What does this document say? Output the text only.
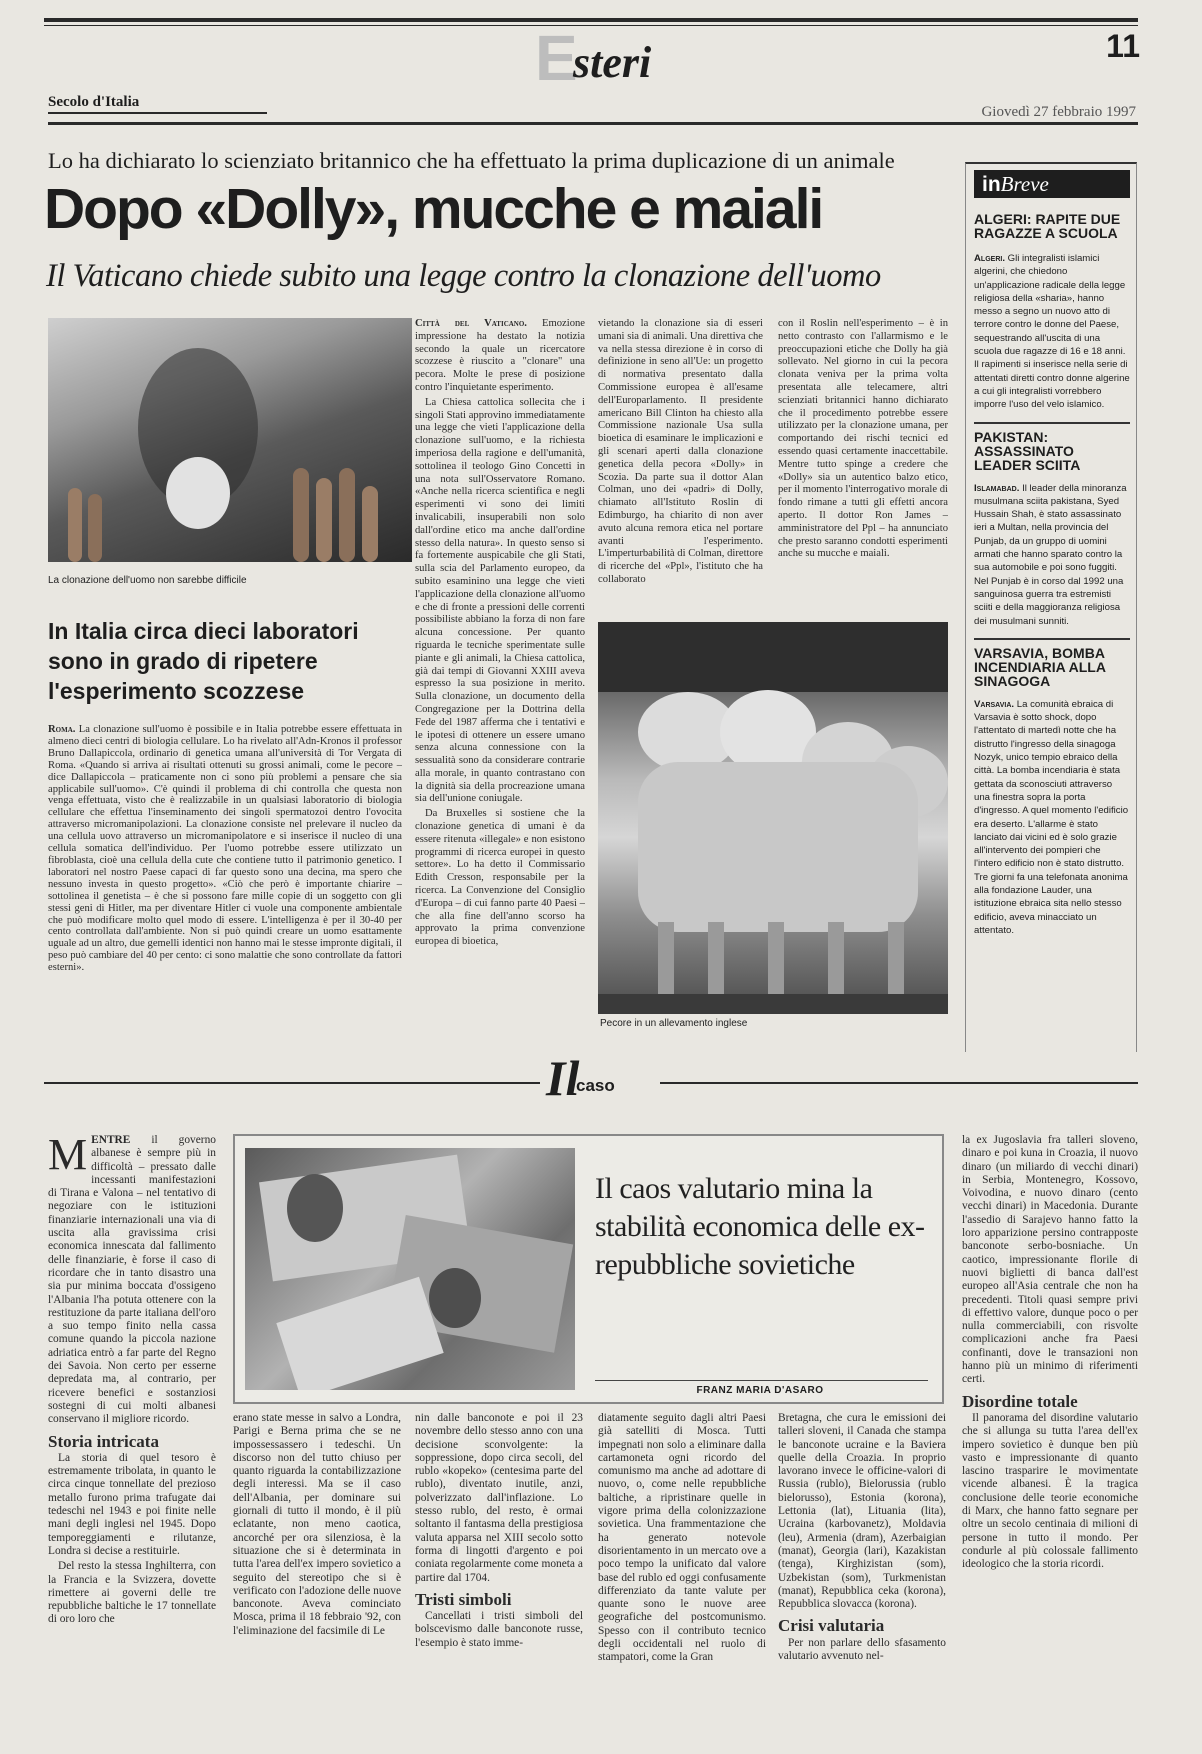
E
steri	11
Secolo d'Italia
Giovedì 27 febbraio 1997
Lo ha dichiarato lo scienziato britannico che ha effettuato la prima duplicazione di un animale
Dopo «Dolly», mucche e maiali
Il Vaticano chiede subito una legge contro la clonazione dell'uomo
La clonazione dell'uomo non sarebbe difficile
In Italia circa dieci laboratori sono in grado di ripetere l'esperimento scozzese

Roma. La clonazione sull'uomo è possibile e in Italia potrebbe essere effettuata in almeno dieci centri di biologia cellulare. Lo ha rivelato all'Adn-Kronos il professor Bruno Dallapiccola, ordinario di genetica umana all'università di Tor Vergata di Roma. «Quando si arriva ai risultati ottenuti su grossi animali, come le pecore – dice Dallapiccola – praticamente non ci sono più problemi a pensare che sia applicabile sull'uomo». C'è quindi il problema di chi controlla che questa non venga effettuata, visto che è realizzabile in un qualsiasi laboratorio di biologia cellulare che effettua l'inseminamento dei singoli spermatozoi dentro l'ovocita attraverso micromanipolazioni. La clonazione consiste nel prelevare il nucleo da una cellula uovo attraverso un micromanipolatore e si inserisce il nucleo di una cellula somatica dell'individuo. Per l'uomo potrebbe essere utilizzato un fibroblasta, cioè una cellula della cute che contiene tutto il patrimonio genetico. I laboratori nel nostro Paese capaci di far questo sono una decina, ma spero che nessuno investa in questo progetto». «Ciò che però è importante chiarire – sottolinea il genetista – è che si possono fare mille copie di un soggetto con gli stessi geni di Hitler, ma per diventare Hitler ci vuole una componente ambientale che può modificare molto quel modo di essere. L'intelligenza è per il 30-40 per cento controllata dall'ambiente. Non si può quindi creare un uomo esattamente uguale ad un altro, due gemelli identici non hanno mai le stesse impronte digitali, il peso può cambiare del 40 per cento: ci sono malattie che sono controllate da fattori esterni».

Città del Vaticano. Emozione impressione ha destato la notizia secondo la quale un ricercatore scozzese è riuscito a "clonare" una pecora. Molte le prese di posizione contro l'inquietante esperimento.

La Chiesa cattolica sollecita che i singoli Stati approvino immediatamente una legge che vieti l'applicazione della clonazione sull'uomo, e la richiesta imperiosa della ragione e dell'umanità, sottolinea il teologo Gino Concetti in una nota sull'Osservatore Romano. «Anche nella ricerca scientifica e negli esperimenti vi sono dei limiti invalicabili, insuperabili non solo dall'ordine etico ma anche dall'ordine stesso della natura». In questo senso si fa fortemente auspicabile che gli Stati, sulla scia del Parlamento europeo, da subito esaminino una legge che vieti l'applicazione della clonazione all'uomo e che di fronte a pressioni delle correnti possibiliste abbiano la forza di non fare alcuna concessione. Per quanto riguarda le tecniche sperimentate sulle piante e gli animali, la Chiesa cattolica, già dai tempi di Giovanni XXIII aveva espresso la sua posizione in merito. Sulla clonazione, un documento della Congregazione per la Dottrina della Fede del 1987 afferma che i tentativi e le ipotesi di ottenere un essere umano senza alcuna connessione con la sessualità sono da considerare contrarie alla morale, in quanto contrastano con la dignità sia della procreazione umana sia dell'unione coniugale.

Da Bruxelles si sostiene che la clonazione genetica di umani è da essere ritenuta «illegale» e non esistono programmi di ricerca europei in questo settore». Lo ha detto il Commissario Edith Cresson, responsabile per la ricerca. La Convenzione del Consiglio d'Europa – di cui fanno parte 40 Paesi – che alla fine dell'anno scorso ha approvato la prima convenzione europea di bioetica,

vietando la clonazione sia di esseri umani sia di animali. Una direttiva che va nella stessa direzione è in corso di definizione in seno all'Ue: un progetto di normativa presentato dalla Commissione europea è all'esame dell'Europarlamento. Il presidente americano Bill Clinton ha chiesto alla Commissione nazionale Usa sulla bioetica di esaminare le implicazioni e gli scenari aperti dalla clonazione genetica della pecora «Dolly» in Scozia. Da parte sua il dottor Alan Colman, uno dei «padri» di Dolly, chiamato all'Istituto Roslin di Edimburgo, ha chiarito di non aver avuto alcuna remora etica nel portare avanti l'esperimento. L'imperturbabilità di Colman, direttore di ricerche del «Ppl», l'istituto che ha collaborato

con il Roslin nell'esperimento – è in netto contrasto con l'allarmismo e le preoccupazioni etiche che Dolly ha già sollevato. Nel giorno in cui la pecora clonata veniva per la prima volta presentata alle telecamere, altri scienziati britannici hanno dichiarato che il procedimento potrebbe essere utilizzato per la clonazione umana, per comportando dei rischi tecnici ed essendo quasi certamente inaccettabile. Mentre tutto spinge a credere che «Dolly» sia un autentico balzo etico, per il momento l'interrogativo morale di fondo rimane a tutti gli effetti ancora aperto. Il dottor Ron James – amministratore del Ppl – ha annunciato che presto saranno condotti esperimenti anche su mucche e maiali.

Pecore in un allevamento inglese
inBreve
ALGERI: RAPITE DUE RAGAZZE A SCUOLA
Algeri. Gli integralisti islamici algerini, che chiedono un'applicazione radicale della legge religiosa della «sharia», hanno messo a segno un nuovo atto di terrore contro le donne del Paese, sequestrando all'uscita di una scuola due ragazze di 16 e 18 anni. Il rapimenti si inserisce nella serie di attentati diretti contro donne algerine a cui gli integralisti vorrebbero imporre l'uso del velo islamico.
PAKISTAN: ASSASSINATO LEADER SCIITA
Islamabad. Il leader della minoranza musulmana sciita pakistana, Syed Hussain Shah, è stato assassinato ieri a Multan, nella provincia del Punjab, da un gruppo di uomini armati che hanno sparato contro la sua automobile e poi sono fuggiti. Nel Punjab è in corso dal 1992 una sanguinosa guerra tra estremisti sciiti e della maggioranza religiosa dei musulmani sunniti.
VARSAVIA, BOMBA INCENDIARIA ALLA SINAGOGA
Varsavia. La comunità ebraica di Varsavia è sotto shock, dopo l'attentato di martedì notte che ha distrutto l'ingresso della sinagoga Nozyk, unico tempio ebraico della città. La bomba incendiaria è stata gettata da sconosciuti attraverso una finestra sopra la porta d'ingresso. A quel momento l'edificio era deserto. L'allarme è stato lanciato dai vicini ed è solo grazie all'intervento dei pompieri che l'intero edificio non è stato distrutto. Tre giorni fa una telefonata anonima alla fondazione Lauder, una istituzione ebraica sita nello stesso edificio, aveva minacciato un attentato.
Il
caso

MENTRE il governo albanese è sempre più in difficoltà – pressato dalle incessanti manifestazioni di Tirana e Valona – nel tentativo di negoziare con le istituzioni finanziarie internazionali una via di uscita alla gravissima crisi economica innescata dal fallimento delle finanziarie, è forse il caso di ricordare che in tanto disastro una sia pur minima boccata d'ossigeno l'Albania l'ha potuta ottenere con la restituzione da parte italiana dell'oro a suo tempo finito nella cassa comune quando la piccola nazione adriatica entrò a far parte del Regno dei Savoia. Non certo per esserne depredata ma, al contrario, per ricevere benefici e sostanziosi sostegni di cui molti albanesi conservano il migliore ricordo.

Storia intricata

La storia di quel tesoro è estremamente tribolata, in quanto le circa cinque tonnellate del prezioso metallo furono prima trafugate dai tedeschi nel 1943 e poi finite nelle mani degli inglesi nel 1945. Dopo temporeggiamenti e rilutanze, Londra si decise a restituirle.

Del resto la stessa Inghilterra, con la Francia e la Svizzera, dovette rimettere ai governi delle tre repubbliche baltiche le 17 tonnellate di oro loro che

Il caos valutario mina la stabilità economica delle ex-repubbliche sovietiche
FRANZ MARIA D'ASARO

erano state messe in salvo a Londra, Parigi e Berna prima che se ne impossessassero i tedeschi. Un discorso non del tutto chiuso per quanto riguarda la contabilizzazione degli interessi. Ma se il caso dell'Albania, per dominare sui giornali di tutto il mondo, è il più eclatante, non meno caotica, ancorché per ora silenziosa, è la situazione che si è determinata in tutta l'area dell'ex impero sovietico a seguito del stereotipo che si è verificato con l'adozione delle nuove banconote. Aveva cominciato Mosca, prima il 18 febbraio '92, con l'eliminazione del facsimile di Le

nin dalle banconote e poi il 23 novembre dello stesso anno con una decisione sconvolgente: la soppressione, dopo circa secoli, del rublo «kopeko» (centesima parte del rublo), diventato inutile, anzi, polverizzato dall'inflazione. Lo stesso rublo, del resto, è ormai soltanto il fantasma della prestigiosa valuta apparsa nel XIII secolo sotto forma di lingotti d'argento e poi coniata regolarmente come moneta a partire dal 1704.

Tristi simboli

Cancellati i tristi simboli del bolscevismo dalle banconote russe, l'esempio è stato imme-

diatamente seguito dagli altri Paesi già satelliti di Mosca. Tutti impegnati non solo a eliminare dalla cartamoneta ogni ricordo del comunismo ma anche ad adottare di nuovo, o, come nelle repubbliche baltiche, a ripristinare quelle in vigore prima della colonizzazione sovietica. Una frammentazione che ha generato notevole disorientamento in un mercato ove a poco tempo la unificato dal valore base del rublo ed oggi confusamente differenziato da tante valute per quante sono le nuove aree geografiche del postcomunismo. Spesso con il contributo tecnico degli occidentali nel ruolo di stampatori, come la Gran

Bretagna, che cura le emissioni dei talleri sloveni, il Canada che stampa le banconote ucraine e la Baviera quelle della Croazia. In proprio lavorano invece le officine-valori di Russia (rublo), Bielorussia (rublo bielorusso), Estonia (korona), Lettonia (lat), Lituania (lita), Ucraina (karbovanetz), Moldavia (leu), Armenia (dram), Azerbaigian (manat), Georgia (lari), Kazakistan (tenga), Kirghizistan (som), Uzbekistan (som), Turkmenistan (manat), Repubblica ceka (korona), Repubblica slovacca (korona).

Crisi valutaria

Per non parlare dello sfasamento valutario avvenuto nel-

la ex Jugoslavia fra talleri sloveno, dinaro e poi kuna in Croazia, il nuovo dinaro (un miliardo di vecchi dinari) in Serbia, Montenegro, Kossovo, Voivodina, e nuovo dinaro (cento vecchi dinari) in Macedonia. Durante l'assedio di Sarajevo hanno fatto la loro apparizione persino contrapposte banconote serbo-bosniache. Un caotico, impressionante florile di nuovi biglietti di banca dall'est europeo all'Asia centrale che non ha precedenti. Titoli quasi sempre privi di effettivo valore, dunque poco o per nulla commerciabili, con risvolte complicazioni anche fra Paesi confinanti, dove le transazioni non hanno più un minimo di riferimenti certi.

Disordine totale

Il panorama del disordine valutario che si allunga su tutta l'area dell'ex impero sovietico è dunque ben più vasto e impressionante di quanto lascino trasparire le movimentate vicende albanesi. È la tragica conclusione delle teorie economiche di Marx, che hanno fatto segnare per oltre un secolo centinaia di milioni di persone in tutto il mondo. Per condurle al più colossale fallimento ideologico che la storia ricordi.
